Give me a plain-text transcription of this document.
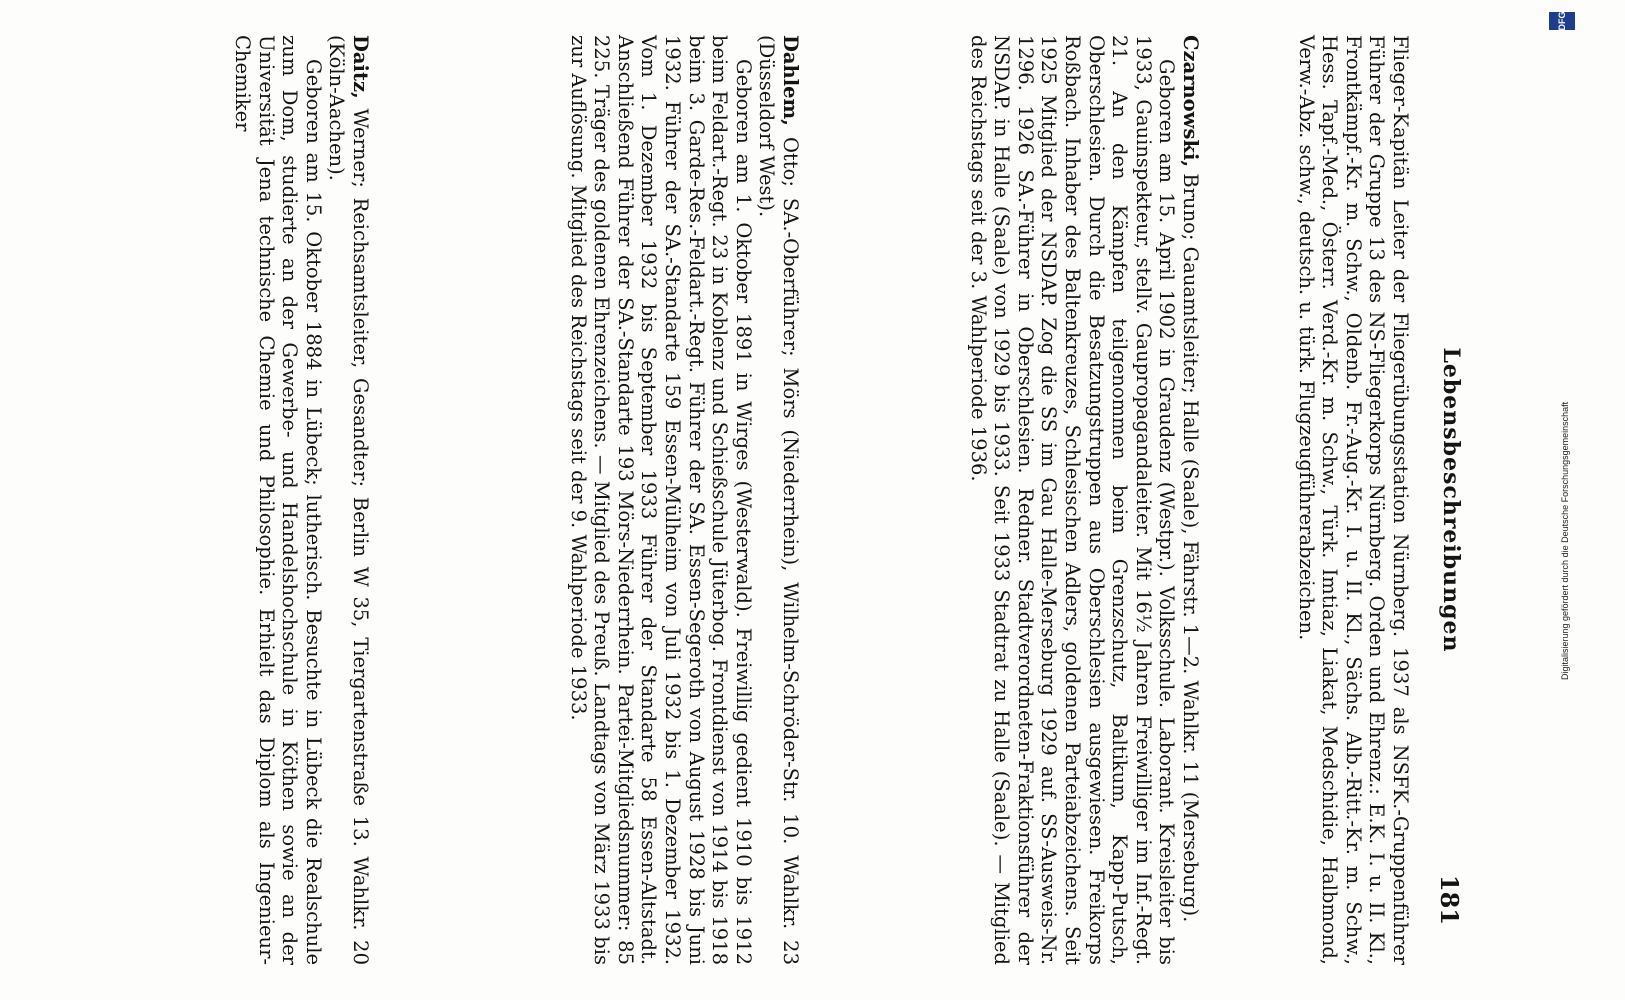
Lebensbeschreibungen
181

Flieger-Kapitän Leiter der Fliegerübungsstation Nürnberg. 1937 als NSFK.-Gruppenführer Führer der Gruppe 13 des NS-Fliegerkorps Nürnberg. Orden und Ehrenz.: E.K. I. u. II. Kl., Frontkämpf.-Kr. m. Schw., Oldenb. Fr.-Aug.-Kr. I. u. II. Kl., Sächs. Alb.-Ritt.-Kr. m. Schw., Hess. Tapf.-Med., Österr. Verd.-Kr. m. Schw., Türk. Imtiaz, Liakat, Medschidie, Halbmond, Verw.-Abz. schw., deutsch. u. türk. Flugzeugführerabzeichen.

Czarnowski, Bruno; Gauamtsleiter; Halle (Saale), Fährstr. 1—2. Wahlkr. 11 (Merseburg).

Geboren am 15. April 1902 in Graudenz (Westpr.). Volksschule. Laborant. Kreisleiter bis 1933, Gauinspekteur, stellv. Gaupropagandaleiter. Mit 16½ Jahren Freiwilliger im Inf.-Regt. 21. An den Kämpfen teilgenommen beim Grenzschutz, Baltikum, Kapp-Putsch, Oberschlesien. Durch die Besatzungstruppen aus Oberschlesien ausgewiesen. Freikorps Roßbach. Inhaber des Baltenkreuzes, Schlesischen Adlers, goldenen Parteiabzeichens. Seit 1925 Mitglied der NSDAP. Zog die SS im Gau Halle-Merseburg 1929 auf. SS-Ausweis-Nr. 1296. 1926 SA.-Führer in Oberschlesien. Redner. Stadtverordneten-Fraktionsführer der NSDAP. in Halle (Saale) von 1929 bis 1933. Seit 1933 Stadtrat zu Halle (Saale). — Mitglied des Reichstags seit der 3. Wahlperiode 1936.

Dahlem, Otto; SA.-Oberführer; Mörs (Niederrhein), Wilhelm-Schröder-Str. 10. Wahlkr. 23 (Düsseldorf West).

Geboren am 1. Oktober 1891 in Wirges (Westerwald). Freiwillig gedient 1910 bis 1912 beim Feldart.-Regt. 23 in Koblenz und Schießschule Jüterbog. Frontdienst von 1914 bis 1918 beim 3. Garde-Res.-Feldart.-Regt. Führer der SA. Essen-Segeroth von August 1928 bis Juni 1932. Führer der SA.-Standarte 159 Essen-Mülheim von Juli 1932 bis 1. Dezember 1932. Vom 1. Dezember 1932 bis September 1933 Führer der Standarte 58 Essen-Altstadt. Anschließend Führer der SA.-Standarte 193 Mörs-Niederrhein. Partei-Mitgliedsnummer: 85 225. Träger des goldenen Ehrenzeichens. — Mitglied des Preuß. Landtags von März 1933 bis zur Auflösung. Mitglied des Reichstags seit der 9. Wahlperiode 1933.

Daitz, Werner; Reichsamtsleiter, Gesandter; Berlin W 35, Tiergartenstraße 13. Wahlkr. 20 (Köln-Aachen).

Geboren am 15. Oktober 1884 in Lübeck; lutherisch. Besuchte in Lübeck die Realschule zum Dom, studierte an der Gewerbe- und Handelshochschule in Köthen sowie an der Universität Jena technische Chemie und Philosophie. Erhielt das Diplom als Ingenieur-Chemiker

Digitalisierung gefördert durch die Deutsche Forschungsgemeinschaft
DFG
